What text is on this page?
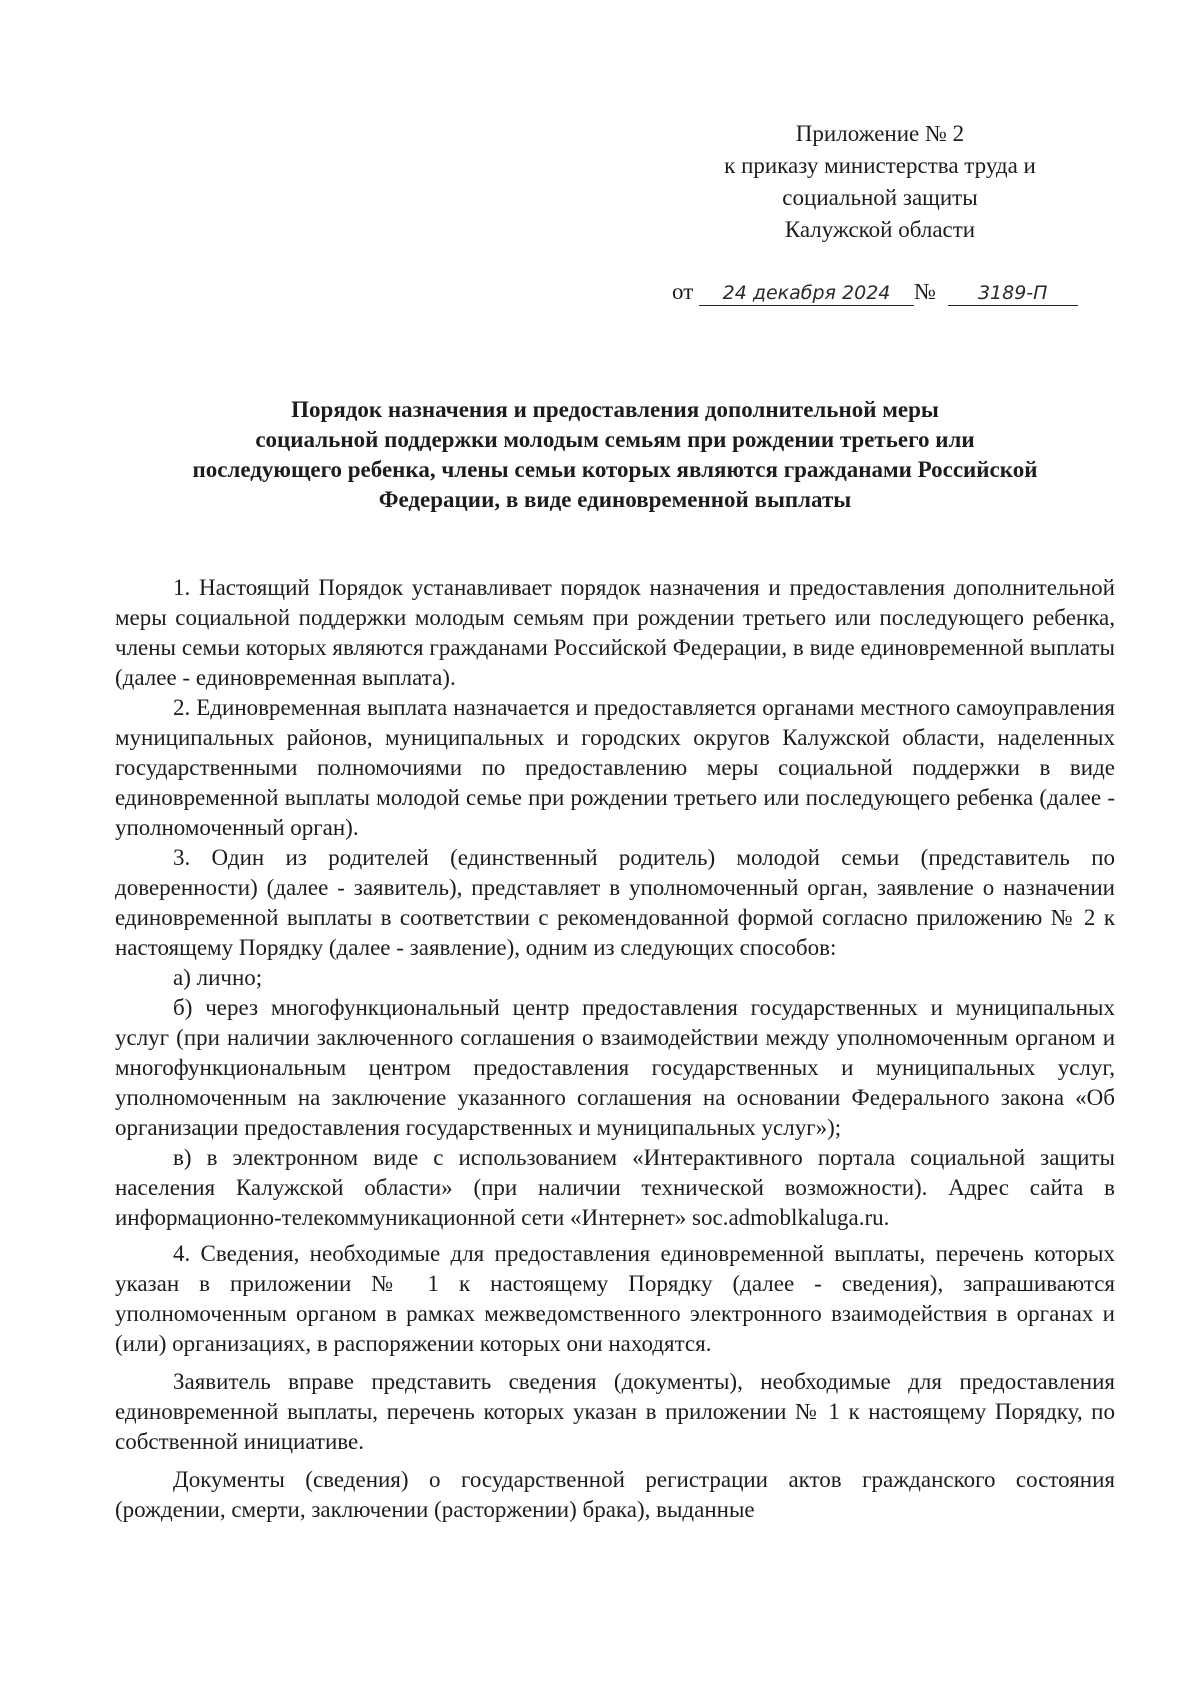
Приложение № 2
к приказу министерства труда и
социальной защиты
Калужской области
от 24 декабря 2024 № 3189-П
Порядок назначения и предоставления дополнительной меры
социальной поддержки молодым семьям при рождении третьего или
последующего ребенка, члены семьи которых являются гражданами Российской
Федерации, в виде единовременной выплаты

1. Настоящий Порядок устанавливает порядок назначения и предоставления дополнительной меры социальной поддержки молодым семьям при рождении третьего или последующего ребенка, члены семьи которых являются гражданами Российской Федерации, в виде единовременной выплаты (далее - единовременная выплата).

2. Единовременная выплата назначается и предоставляется органами местного самоуправления муниципальных районов, муниципальных и городских округов Калужской области, наделенных государственными полномочиями по предоставлению меры социальной поддержки в виде единовременной выплаты молодой семье при рождении третьего или последующего ребенка (далее - уполномоченный орган).

3. Один из родителей (единственный родитель) молодой семьи (представитель по доверенности) (далее - заявитель), представляет в уполномоченный орган, заявление о назначении единовременной выплаты в соответствии с рекомендованной формой согласно приложению № 2 к настоящему Порядку (далее - заявление), одним из следующих способов:

а) лично;

б) через многофункциональный центр предоставления государственных и муниципальных услуг (при наличии заключенного соглашения о взаимодействии между уполномоченным органом и многофункциональным центром предоставления государственных и муниципальных услуг, уполномоченным на заключение указанного соглашения на основании Федерального закона «Об организации предоставления государственных и муниципальных услуг»);

в) в электронном виде с использованием «Интерактивного портала социальной защиты населения Калужской области» (при наличии технической возможности). Адрес сайта в информационно-телекоммуникационной сети «Интернет» soc.admoblkaluga.ru.

4. Сведения, необходимые для предоставления единовременной выплаты, перечень которых указан в приложении № 1 к настоящему Порядку (далее - сведения), запрашиваются уполномоченным органом в рамках межведомственного электронного взаимодействия в органах и (или) организациях, в распоряжении которых они находятся.

Заявитель вправе представить сведения (документы), необходимые для предоставления единовременной выплаты, перечень которых указан в приложении № 1 к настоящему Порядку, по собственной инициативе.

Документы (сведения) о государственной регистрации актов гражданского состояния (рождении, смерти, заключении (расторжении) брака), выданные
